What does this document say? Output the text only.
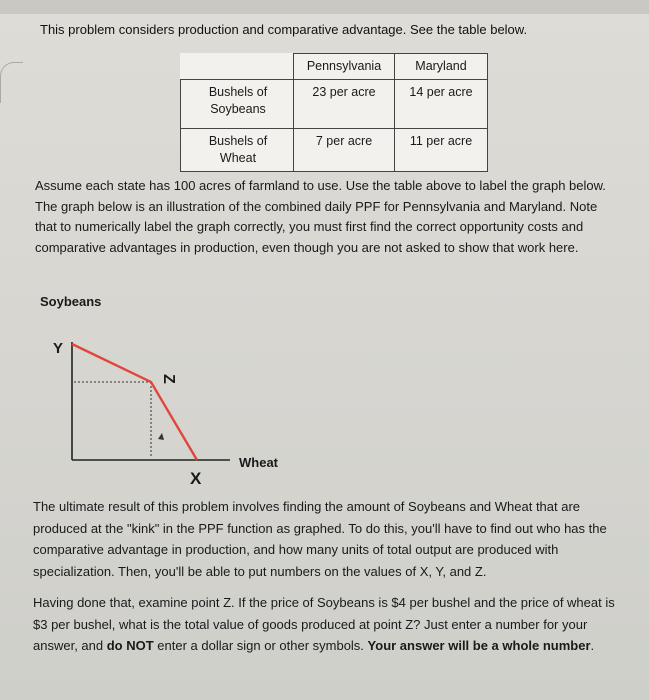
This problem considers production and comparative advantage. See the table below.
	Pennsylvania	Maryland
Bushels of
Soybeans	23 per acre	14 per acre
Bushels of
Wheat	7 per acre	11 per acre
Assume each state has 100 acres of farmland to use. Use the table above to label the graph below. The graph below is an illustration of the combined daily PPF for Pennsylvania and Maryland. Note that to numerically label the graph correctly, you must first find the correct opportunity costs and comparative advantages in production, even though you are not asked to show that work here.
Soybeans
Y
Z
X
Wheat
The ultimate result of this problem involves finding the amount of Soybeans and Wheat that are produced at the "kink" in the PPF function as graphed. To do this, you'll have to find out who has the comparative advantage in production, and how many units of total output are produced with specialization. Then, you'll be able to put numbers on the values of X, Y, and Z.
Having done that, examine point Z. If the price of Soybeans is $4 per bushel and the price of wheat is $3 per bushel, what is the total value of goods produced at point Z? Just enter a number for your answer, and do NOT enter a dollar sign or other symbols. Your answer will be a whole number.
